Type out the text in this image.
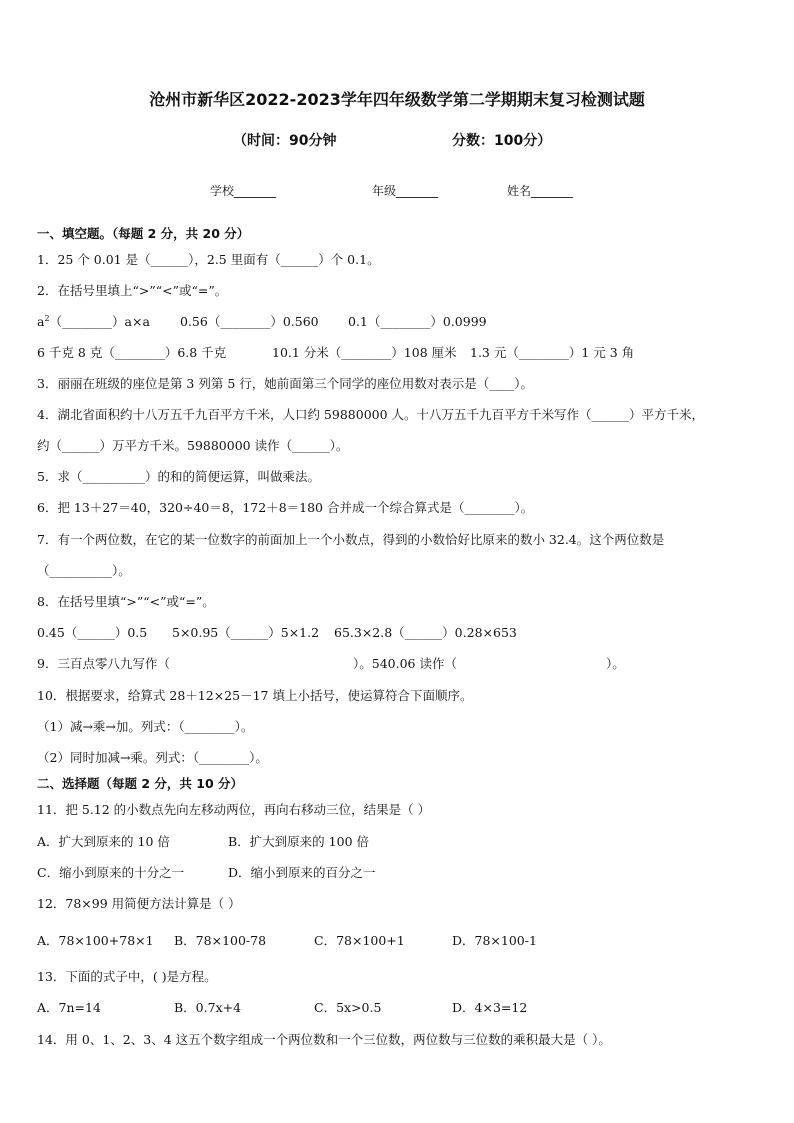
沧州市新华区2022-2023学年四年级数学第二学期期末复习检测试题
（时间：90分钟	分数：100分）
学校_______	年级_______	姓名_______
一、填空题。（每题 2 分，共 20 分）
1．25 个 0.01 是（______），2.5 里面有（______）个 0.1。
2．在括号里填上“>”“<”或“=”。
$a^2(\_\_\_\_\_\_\_\_)a\times a$ 0.56（________）0.560 0.1（________）0.0999
6 千克 8 克（________）6.8 千克	10.1 分米（________）108 厘米 1.3 元（________）1 元 3 角
3．丽丽在班级的座位是第 3 列第 5 行，她前面第三个同学的座位用数对表示是（____）。
4．湖北省面积约十八万五千九百平方千米，人口约 59880000 人。十八万五千九百平方千米写作（______）平方千米，
约（______）万平方千米。59880000 读作（______）。
5．求（__________）的和的简便运算，叫做乘法。
6．把 13＋27＝40，320÷40＝8，172＋8＝180 合并成一个综合算式是（________）。
7．有一个两位数，在它的某一位数字的前面加上一个小数点，得到的小数恰好比原来的数小 32.4。这个两位数是
（__________）。
8．在括号里填“>”“<”或“=”。
0.45（______）0.5 5×0.95（______）5×1.2 65.3×2.8（______）0.28×653
9．三百点零八九写作（	）。540.06 读作（	）。
10．根据要求，给算式 28＋12×25－17 填上小括号，使运算符合下面顺序。
（1）减→乘→加。列式：（________）。
（2）同时加减→乘。列式：（________）。
二、选择题（每题 2 分，共 10 分）
11．把 5.12 的小数点先向左移动两位，再向右移动三位，结果是（ ）
A．扩大到原来的 10 倍	B．扩大到原来的 100 倍
C．缩小到原来的十分之一	D．缩小到原来的百分之一
12．78×99 用简便方法计算是（ ）
A．78×100+78×1 B．78×100-78	C．78×100+1	D．78×100-1
13．下面的式子中，( )是方程。
A．7n=14	B．0.7x+4	C．5x>0.5	D．4×3=12
14．用 0、1、2、3、4 这五个数字组成一个两位数和一个三位数，两位数与三位数的乘积最大是（ ）。
